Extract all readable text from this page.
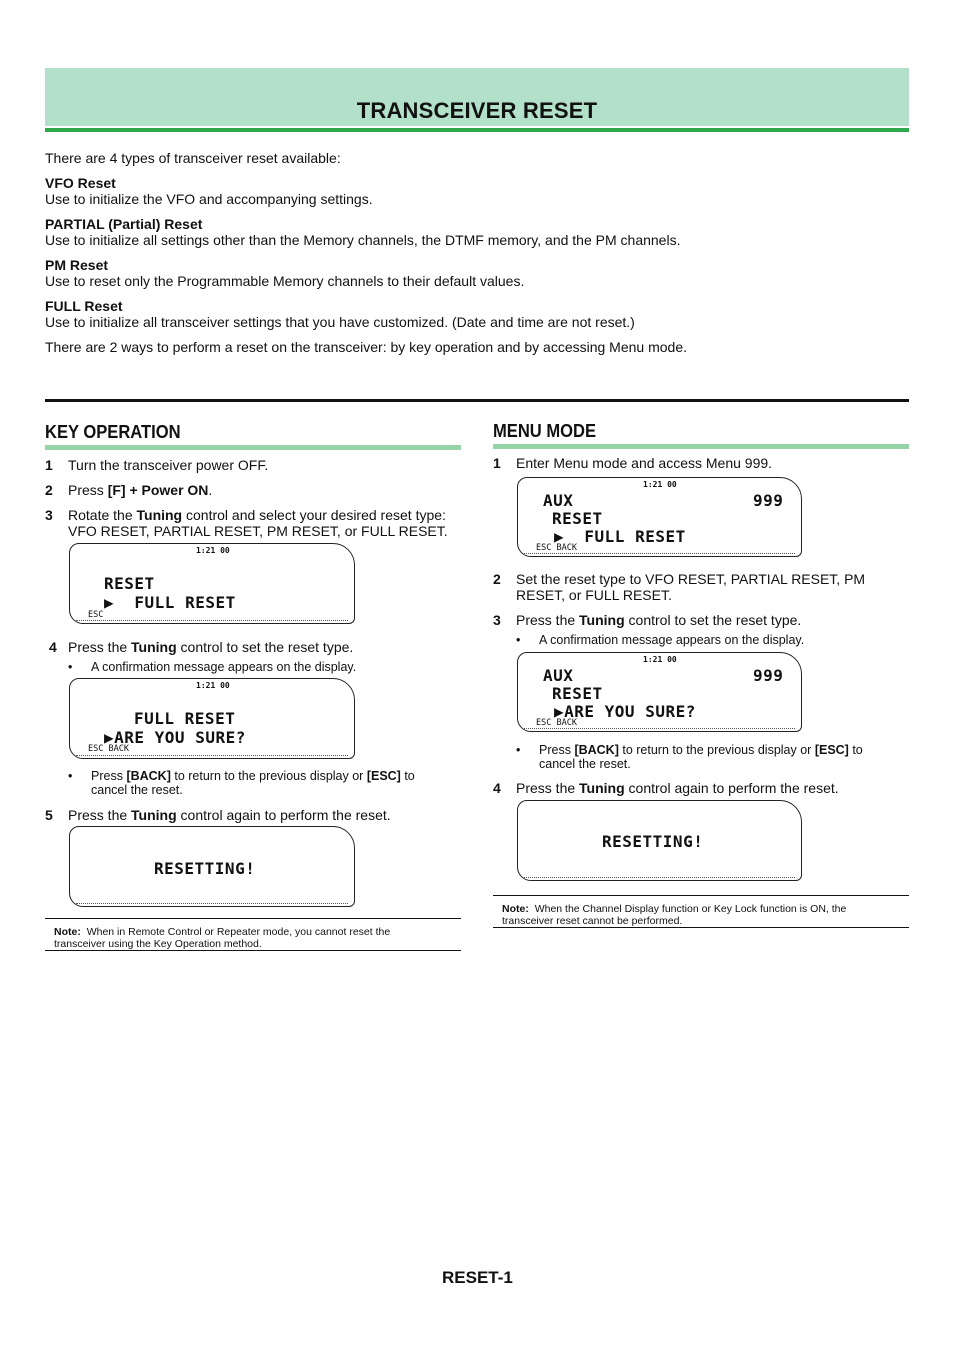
TRANSCEIVER RESET

There are 4 types of transceiver reset available:

VFO Reset

Use to initialize the VFO and accompanying settings.

PARTIAL (Partial) Reset

Use to initialize all settings other than the Memory channels, the DTMF memory, and the PM channels.

PM Reset

Use to reset only the Programmable Memory channels to their default values.

FULL Reset

Use to initialize all transceiver settings that you have customized. (Date and time are not reset.)

There are 2 ways to perform a reset on the transceiver: by key operation and by accessing Menu mode.

KEY OPERATION
1 Turn the transceiver power OFF.
2 Press [F] + Power ON.
3 Rotate the Tuning control and select your desired reset type:
VFO RESET, PARTIAL RESET, PM RESET, or FULL RESET.
1:21 00
RESET
▶  FULL RESET
ESC
4 Press the Tuning control to set the reset type.
• A confirmation message appears on the display.
1:21 00
FULL RESET
▶ARE YOU SURE?
ESC BACK
• Press [BACK] to return to the previous display or [ESC] to
cancel the reset.
5 Press the Tuning control again to perform the reset.
RESETTING!
Note: When in Remote Control or Repeater mode, you cannot reset the
transceiver using the Key Operation method.
MENU MODE
1 Enter Menu mode and access Menu 999.
1:21 00
AUX	999
RESET
▶  FULL RESET
ESC BACK
2 Set the reset type to VFO RESET, PARTIAL RESET, PM
RESET, or FULL RESET.
3 Press the Tuning control to set the reset type.
• A confirmation message appears on the display.
1:21 00
AUX	999
RESET
▶ARE YOU SURE?
ESC BACK
• Press [BACK] to return to the previous display or [ESC] to
cancel the reset.
4 Press the Tuning control again to perform the reset.
RESETTING!
Note: When the Channel Display function or Key Lock function is ON, the
transceiver reset cannot be performed.
RESET-1
